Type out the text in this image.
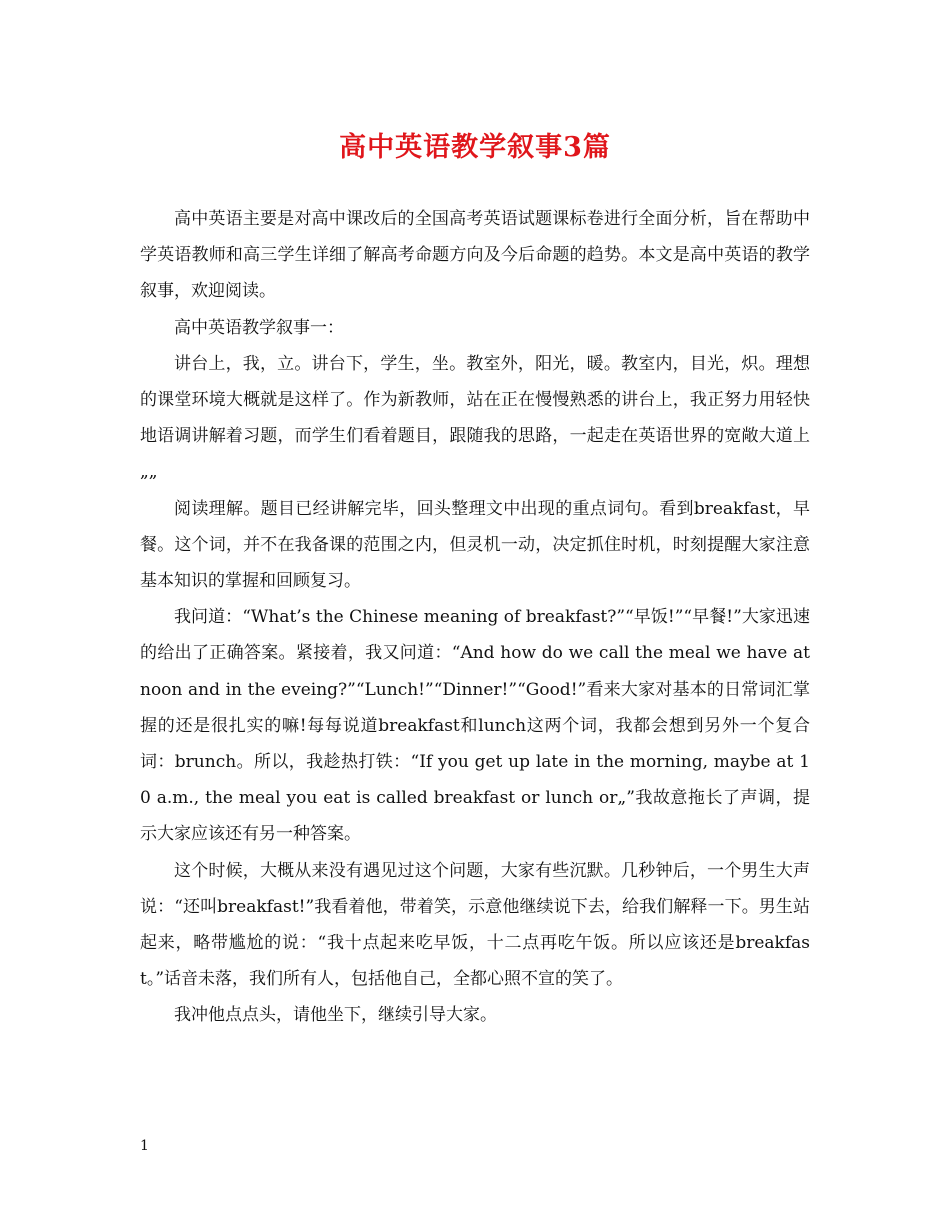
高中英语教学叙事3篇

高中英语主要是对高中课改后的全国高考英语试题课标卷进行全面分析，旨在帮助中学英语教师和高三学生详细了解高考命题方向及今后命题的趋势。本文是高中英语的教学叙事，欢迎阅读。

高中英语教学叙事一：

讲台上，我，立。讲台下，学生，坐。教室外，阳光，暖。教室内，目光，炽。理想的课堂环境大概就是这样了。作为新教师，站在正在慢慢熟悉的讲台上，我正努力用轻快地语调讲解着习题，而学生们看着题目，跟随我的思路，一起走在英语世界的宽敞大道上„„

阅读理解。题目已经讲解完毕，回头整理文中出现的重点词句。看到breakfast，早餐。这个词，并不在我备课的范围之内，但灵机一动，决定抓住时机，时刻提醒大家注意基本知识的掌握和回顾复习。

我问道：“What’s the Chinese meaning of breakfast?”“早饭!”“早餐!”大家迅速的给出了正确答案。紧接着，我又问道：“And how do we call the meal we have at noon and in the eveing?”“Lunch!”“Dinner!”“Good!”看来大家对基本的日常词汇掌握的还是很扎实的嘛!每每说道breakfast和lunch这两个词，我都会想到另外一个复合词：brunch。所以，我趁热打铁：“If you get up late in the morning, maybe at 10 a.m., the meal you eat is called breakfast or lunch or„”我故意拖长了声调，提示大家应该还有另一种答案。

这个时候，大概从来没有遇见过这个问题，大家有些沉默。几秒钟后，一个男生大声说：“还叫breakfast!”我看着他，带着笑，示意他继续说下去，给我们解释一下。男生站起来，略带尴尬的说：“我十点起来吃早饭，十二点再吃午饭。所以应该还是breakfast。”话音未落，我们所有人，包括他自己，全都心照不宣的笑了。

我冲他点点头，请他坐下，继续引导大家。

1
